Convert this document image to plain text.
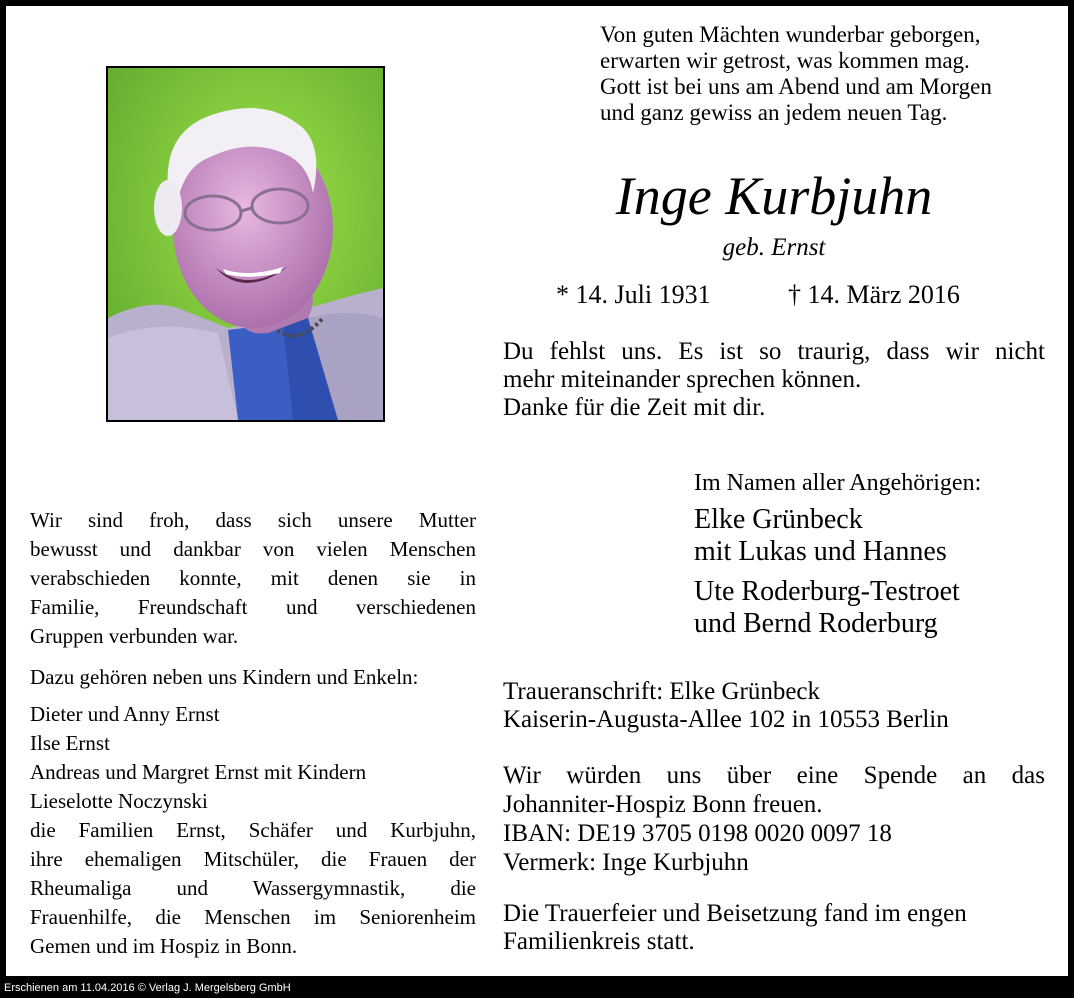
Von guten Mächten wunderbar geborgen,
erwarten wir getrost, was kommen mag.
Gott ist bei uns am Abend und am Morgen
und ganz gewiss an jedem neuen Tag.
Inge Kurbjuhn
geb. Ernst
* 14. Juli 1931	† 14. März 2016
Du fehlst uns. Es ist so traurig, dass wir nicht
mehr miteinander sprechen können.
Danke für die Zeit mit dir.
Im Namen aller Angehörigen:
Elke Grünbeck
mit Lukas und Hannes
Ute Roderburg-Testroet
und Bernd Roderburg
Traueranschrift: Elke Grünbeck
Kaiserin-Augusta-Allee 102 in 10553 Berlin
Wir würden uns über eine Spende an das
Johanniter-Hospiz Bonn freuen.
IBAN: DE19 3705 0198 0020 0097 18
Vermerk: Inge Kurbjuhn
Die Trauerfeier und Beisetzung fand im engen
Familienkreis statt.
Wir sind froh, dass sich unsere Mutter
bewusst und dankbar von vielen Menschen
verabschieden konnte, mit denen sie in
Familie, Freundschaft und verschiedenen
Gruppen verbunden war.
Dazu gehören neben uns Kindern und Enkeln:
Dieter und Anny Ernst
Ilse Ernst
Andreas und Margret Ernst mit Kindern
Lieselotte Noczynski
die Familien Ernst, Schäfer und Kurbjuhn,
ihre ehemaligen Mitschüler, die Frauen der
Rheumaliga und Wassergymnastik, die
Frauenhilfe, die Menschen im Seniorenheim
Gemen und im Hospiz in Bonn.
Erschienen am 11.04.2016 © Verlag J. Mergelsberg GmbH
